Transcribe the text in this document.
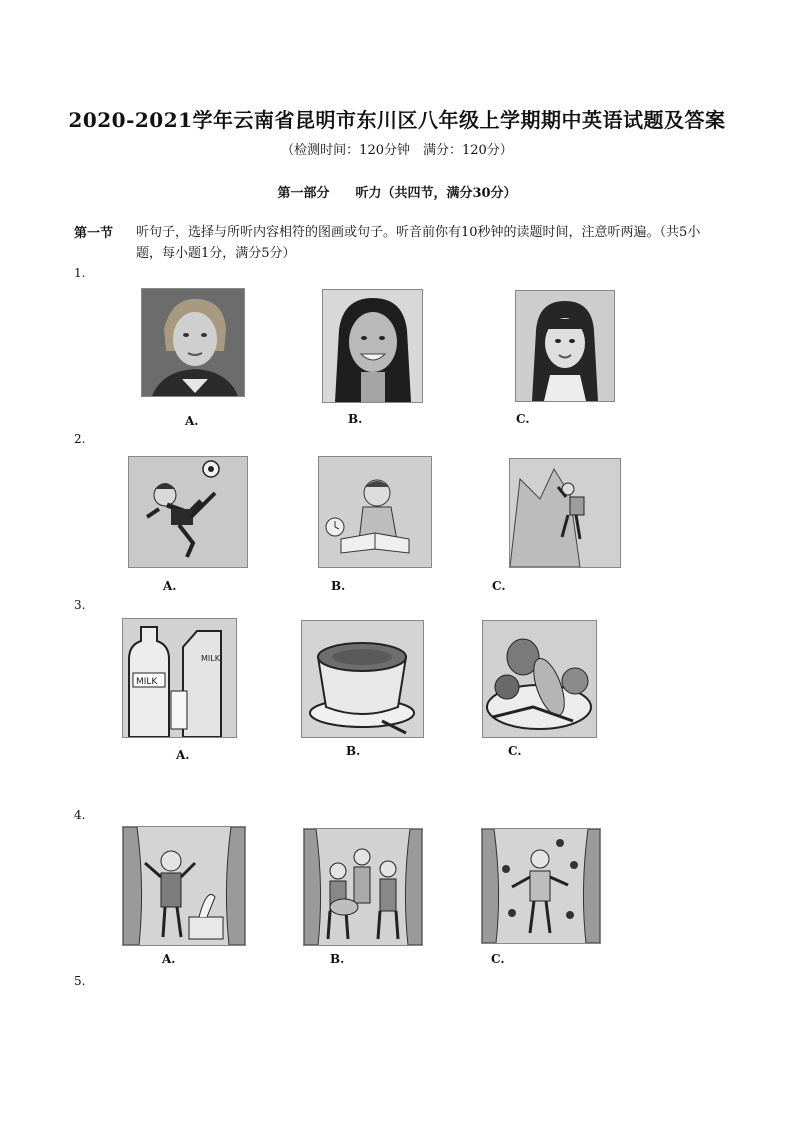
2020-2021学年云南省昆明市东川区八年级上学期期中英语试题及答案
（检测时间：120分钟　满分：120分）
第一部分　　听力（共四节，满分30分）
第一节 听句子，选择与所听内容相符的图画或句子。听音前你有10秒钟的读题时间，注意听两遍。（共5小题，每小题1分，满分5分）
1.
A.	B.	C.
2.
A.	B.	C.
3.
MILK
MILK
A.	B.	C.
4.
A.	B.	C.
5.
